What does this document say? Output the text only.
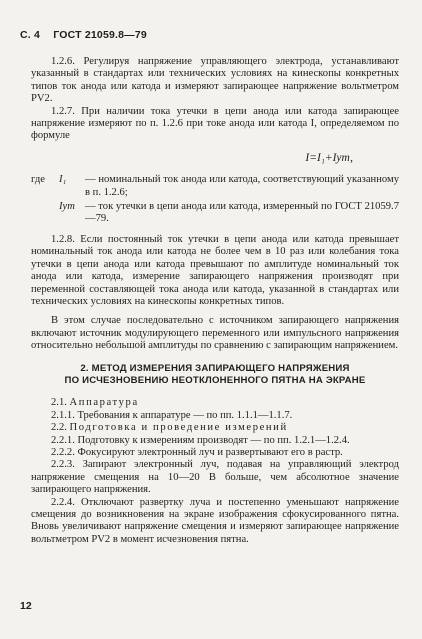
С. 4 ГОСТ 21059.8—79

1.2.6. Регулируя напряжение управляющего электрода, устанавливают указанный в стандартах или технических условиях на кинескопы конкретных типов ток анода или катода и измеряют запирающее напряжение вольтметром PV2.

1.2.7. При наличии тока утечки в цепи анода или катода запирающее напряжение измеряют по п. 1.2.6 при токе анода или катода I, определяемом по формуле

I=I₁+Iут,
где	I₁	— номинальный ток анода или катода, соответствующий указанному в п. 1.2.6;
Iут — ток утечки в цепи анода или катода, измеренный по ГОСТ 21059.7—79.

1.2.8. Если постоянный ток утечки в цепи анода или катода превышает номинальный ток анода или катода не более чем в 10 раз или колебания тока утечки в цепи анода или катода превышают по амплитуде номинальный ток анода или катода, измерение запирающего напряжения производят при переменной составляющей тока анода или катода, указанной в стандартах или технических условиях на кинескопы конкретных типов.

В этом случае последовательно с источником запирающего напряжения включают источник модулирующего переменного или импульсного напряжения относительно небольшой амплитуды по сравнению с запирающим напряжением.

2. МЕТОД ИЗМЕРЕНИЯ ЗАПИРАЮЩЕГО НАПРЯЖЕНИЯ
ПО ИСЧЕЗНОВЕНИЮ НЕОТКЛОНЕННОГО ПЯТНА НА ЭКРАНЕ

2.1. Аппаратура

2.1.1. Требования к аппаратуре — по пп. 1.1.1—1.1.7.

2.2. Подготовка и проведение измерений

2.2.1. Подготовку к измерениям производят — по пп. 1.2.1—1.2.4.

2.2.2. Фокусируют электронный луч и развертывают его в растр.

2.2.3. Запирают электронный луч, подавая на управляющий электрод напряжение смещения на 10—20 В больше, чем абсолютное значение запирающего напряжения.

2.2.4. Отключают развертку луча и постепенно уменьшают напряжение смещения до возникновения на экране изображения сфокусированного пятна. Вновь увеличивают напряжение смещения и измеряют запирающее напряжение вольтметром PV2 в момент исчезновения пятна.

12
